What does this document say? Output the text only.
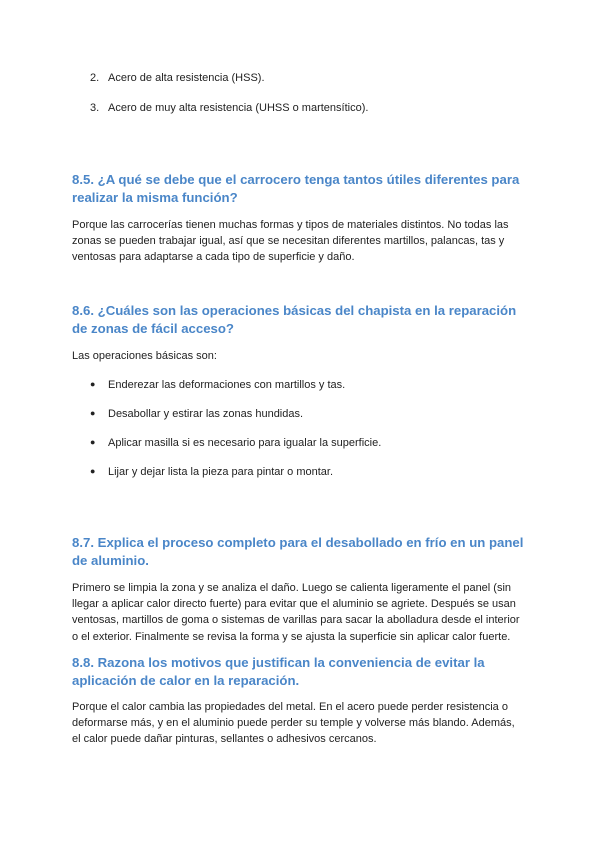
2. Acero de alta resistencia (HSS).
3. Acero de muy alta resistencia (UHSS o martensítico).
8.5. ¿A qué se debe que el carrocero tenga tantos útiles diferentes para
realizar la misma función?
Porque las carrocerías tienen muchas formas y tipos de materiales distintos. No todas las
zonas se pueden trabajar igual, así que se necesitan diferentes martillos, palancas, tas y
ventosas para adaptarse a cada tipo de superficie y daño.
8.6. ¿Cuáles son las operaciones básicas del chapista en la reparación
de zonas de fácil acceso?
Las operaciones básicas son:
● Enderezar las deformaciones con martillos y tas.
● Desabollar y estirar las zonas hundidas.
● Aplicar masilla si es necesario para igualar la superficie.
● Lijar y dejar lista la pieza para pintar o montar.
8.7. Explica el proceso completo para el desabollado en frío en un panel
de aluminio.
Primero se limpia la zona y se analiza el daño. Luego se calienta ligeramente el panel (sin
llegar a aplicar calor directo fuerte) para evitar que el aluminio se agriete. Después se usan
ventosas, martillos de goma o sistemas de varillas para sacar la abolladura desde el interior
o el exterior. Finalmente se revisa la forma y se ajusta la superficie sin aplicar calor fuerte.
8.8. Razona los motivos que justifican la conveniencia de evitar la
aplicación de calor en la reparación.
Porque el calor cambia las propiedades del metal. En el acero puede perder resistencia o
deformarse más, y en el aluminio puede perder su temple y volverse más blando. Además,
el calor puede dañar pinturas, sellantes o adhesivos cercanos.
